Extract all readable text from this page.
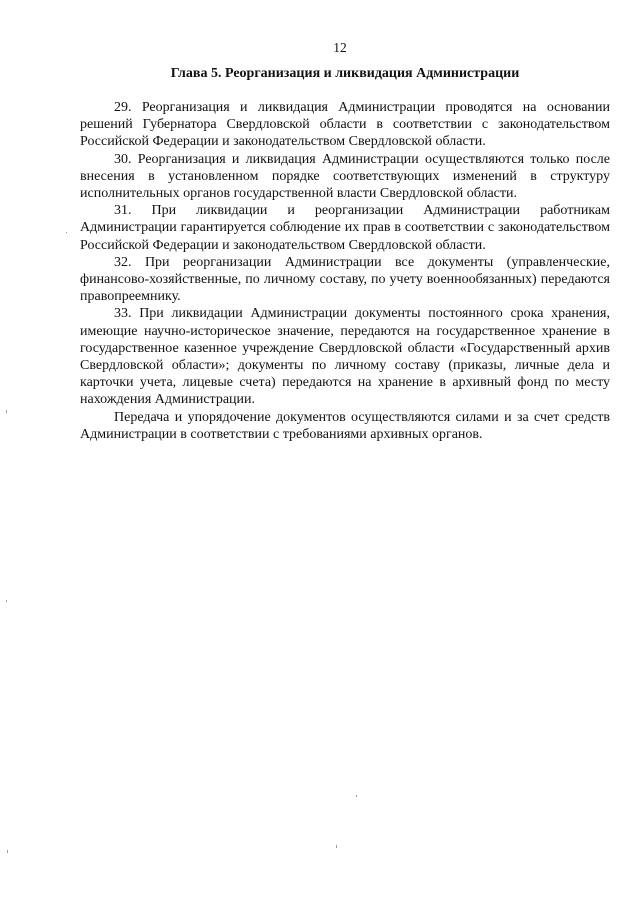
12
Глава 5. Реорганизация и ликвидация Администрации

29. Реорганизация и ликвидация Администрации проводятся на основании решений Губернатора Свердловской области в соответствии с законодательством Российской Федерации и законодательством Свердловской области.

30. Реорганизация и ликвидация Администрации осуществляются только после внесения в установленном порядке соответствующих изменений в структуру исполнительных органов государственной власти Свердловской области.

31. При ликвидации и реорганизации Администрации работникам Администрации гарантируется соблюдение их прав в соответствии с законодательством Российской Федерации и законодательством Свердловской области.

32. При реорганизации Администрации все документы (управленческие, финансово-хозяйственные, по личному составу, по учету военнообязанных) передаются правопреемнику.

33. При ликвидации Администрации документы постоянного срока хранения, имеющие научно-историческое значение, передаются на государственное хранение в государственное казенное учреждение Свердловской области «Государственный архив Свердловской области»; документы по личному составу (приказы, личные дела и карточки учета, лицевые счета) передаются на хранение в архивный фонд по месту нахождения Администрации.

Передача и упорядочение документов осуществляются силами и за счет средств Администрации в соответствии с требованиями архивных органов.
